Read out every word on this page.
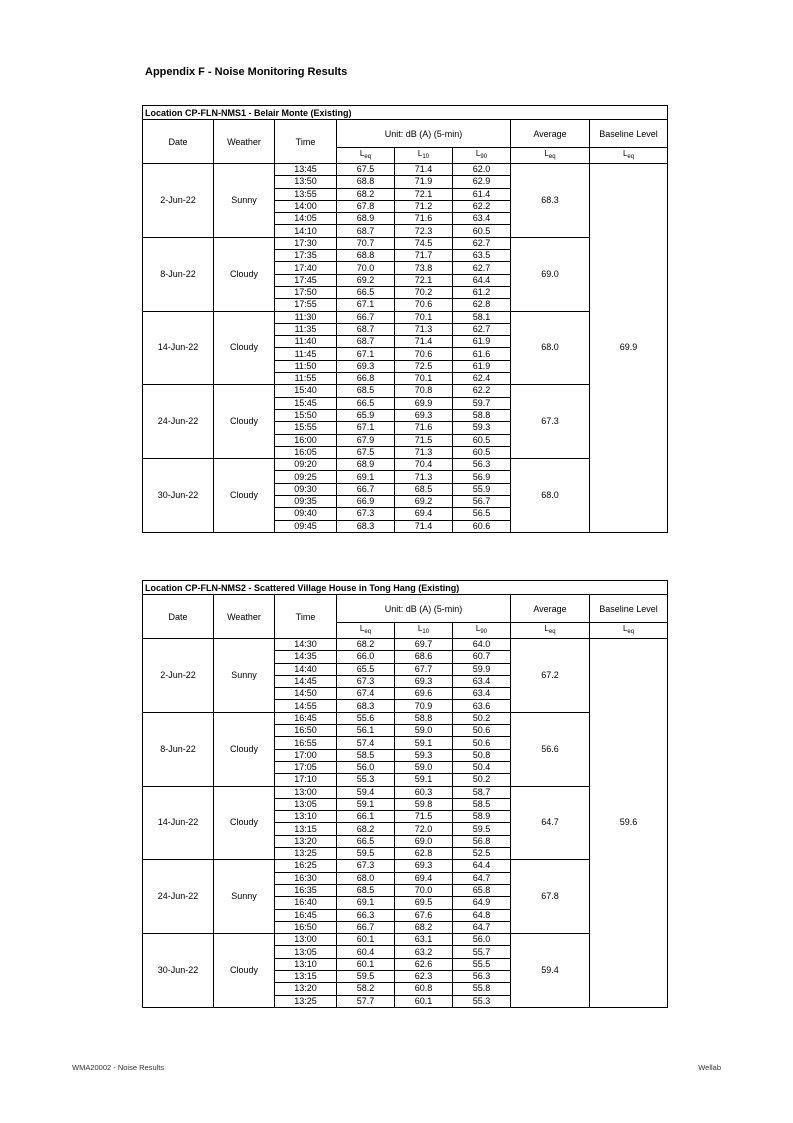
Appendix F - Noise Monitoring Results
Location CP-FLN-NMS1 - Belair Monte (Existing)							
Date	Weather	Time	Unit: dB (A) (5-min)			Average	Baseline Level
			$L_{eq}$	$L_{10}$	$L_{90}$	$L_{eq}$	$L_{eq}$
2-Jun-22	Sunny	13:45	67.5	71.4	62.0	68.3	69.9
		13:50	68.8	71.9	62.9		
		13:55	68.2	72.1	61.4		
		14:00	67.8	71.2	62.2		
		14:05	68.9	71.6	63.4		
		14:10	68.7	72.3	60.5		
8-Jun-22	Cloudy	17:30	70.7	74.5	62.7	69.0	
		17:35	68.8	71.7	63.5		
		17:40	70.0	73.8	62.7		
		17:45	69.2	72.1	64.4		
		17:50	66.5	70.2	61.2		
		17:55	67.1	70.6	62.8		
14-Jun-22	Cloudy	11:30	66.7	70.1	58.1	68.0	
		11:35	68.7	71.3	62.7		
		11:40	68.7	71.4	61.9		
		11:45	67.1	70.6	61.6		
		11:50	69.3	72.5	61.9		
		11:55	66.8	70.1	62.4		
24-Jun-22	Cloudy	15:40	68.5	70.8	62.2	67.3	
		15:45	66.5	69.9	59.7		
		15:50	65.9	69.3	58.8		
		15:55	67.1	71.6	59.3		
		16:00	67.9	71.5	60.5		
		16:05	67.5	71.3	60.5		
30-Jun-22	Cloudy	09:20	68.9	70.4	56.3	68.0	
		09:25	69.1	71.3	56.9		
		09:30	66.7	68.5	55.9		
		09:35	66.9	69.2	56.7		
		09:40	67.3	69.4	56.5		
		09:45	68.3	71.4	60.6		
Location CP-FLN-NMS2 - Scattered Village House in Tong Hang (Existing)							
Date	Weather	Time	Unit: dB (A) (5-min)			Average	Baseline Level
			$L_{eq}$	$L_{10}$	$L_{90}$	$L_{eq}$	$L_{eq}$
2-Jun-22	Sunny	14:30	68.2	69.7	64.0	67.2	59.6
		14:35	66.0	68.6	60.7		
		14:40	65.5	67.7	59.9		
		14:45	67.3	69.3	63.4		
		14:50	67.4	69.6	63.4		
		14:55	68.3	70.9	63.6		
8-Jun-22	Cloudy	16:45	55.6	58.8	50.2	56.6	
		16:50	56.1	59.0	50.6		
		16:55	57.4	59.1	50.6		
		17:00	58.5	59.3	50.8		
		17:05	56.0	59.0	50.4		
		17:10	55.3	59.1	50.2		
14-Jun-22	Cloudy	13:00	59.4	60.3	58.7	64.7	
		13:05	59.1	59.8	58.5		
		13:10	66.1	71.5	58.9		
		13:15	68.2	72.0	59.5		
		13:20	66.5	69.0	56.8		
		13:25	59.5	62.8	52.5		
24-Jun-22	Sunny	16:25	67.3	69.3	64.4	67.8	
		16:30	68.0	69.4	64.7		
		16:35	68.5	70.0	65.8		
		16:40	69.1	69.5	64.9		
		16:45	66.3	67.6	64.8		
		16:50	66.7	68.2	64.7		
30-Jun-22	Cloudy	13:00	60.1	63.1	56.0	59.4	
		13:05	60.4	63.2	55.7		
		13:10	60.1	62.6	55.5		
		13:15	59.5	62.3	56.3		
		13:20	58.2	60.8	55.8		
		13:25	57.7	60.1	55.3		
WMA20002 - Noise Results	Wellab
